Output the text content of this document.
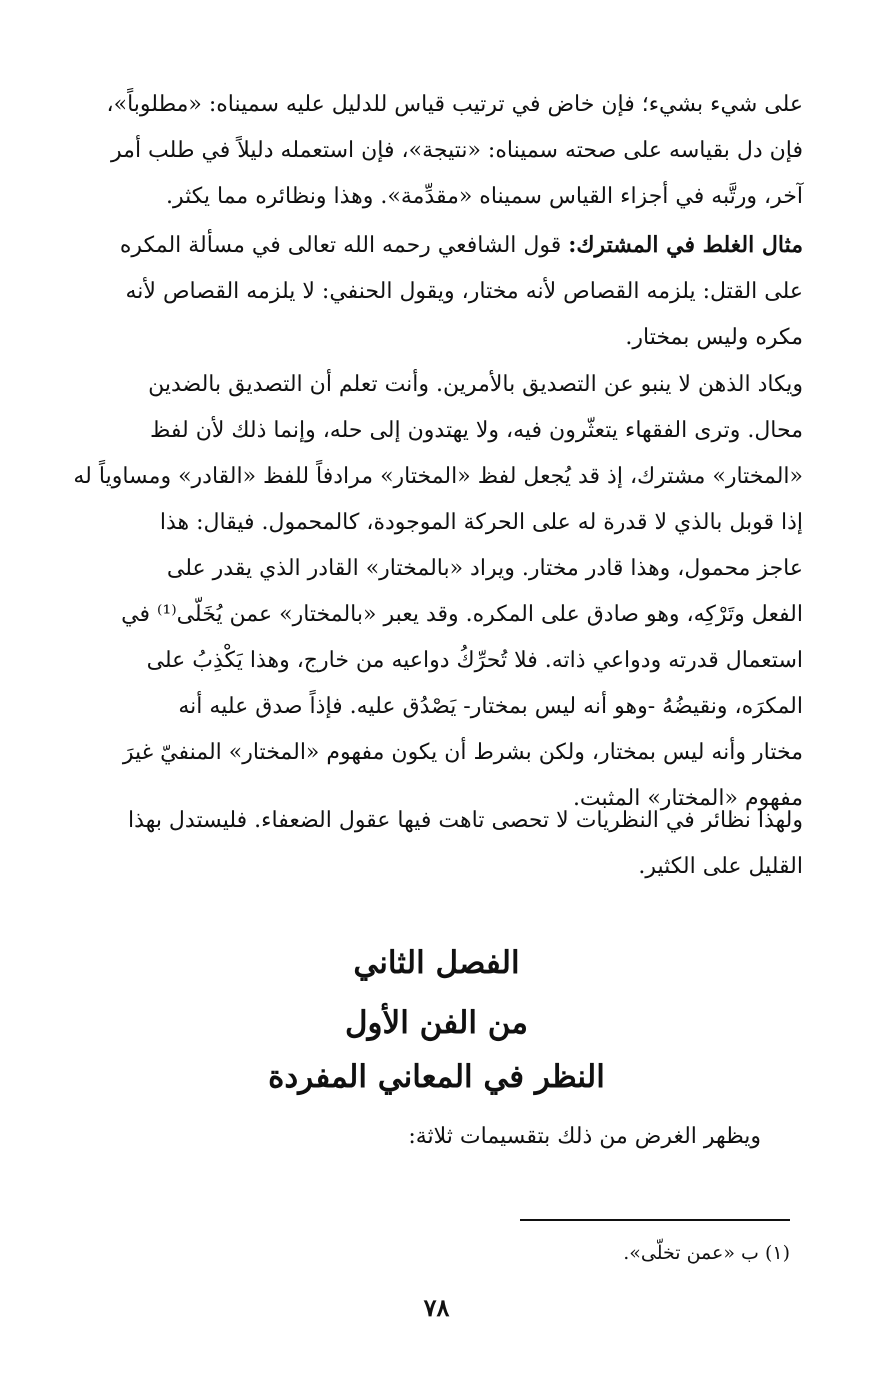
على شيء بشيء؛ فإن خاض في ترتيب قياس للدليل عليه سميناه: «مطلوباً»،
فإن دل بقياسه على صحته سميناه: «نتيجة»، فإن استعمله دليلاً في طلب أمر
آخر، ورتَّبه في أجزاء القياس سميناه «مقدِّمة». وهذا ونظائره مما يكثر.
مثال الغلط في المشترك: قول الشافعي رحمه الله تعالى في مسألة المكره
على القتل: يلزمه القصاص لأنه مختار، ويقول الحنفي: لا يلزمه القصاص لأنه
مكره وليس بمختار.
ويكاد الذهن لا ينبو عن التصديق بالأمرين. وأنت تعلم أن التصديق بالضدين
محال. وترى الفقهاء يتعثّرون فيه، ولا يهتدون إلى حله، وإنما ذلك لأن لفظ
«المختار» مشترك، إذ قد يُجعل لفظ «المختار» مرادفاً للفظ «القادر» ومساوياً له
إذا قوبل بالذي لا قدرة له على الحركة الموجودة، كالمحمول. فيقال: هذا
عاجز محمول، وهذا قادر مختار. ويراد «بالمختار» القادر الذي يقدر على
الفعل وتَرْكِه، وهو صادق على المكره. وقد يعبر «بالمختار» عمن يُخَلّى⁽¹⁾ في
استعمال قدرته ودواعي ذاته. فلا تُحرِّكُ دواعيه من خارج، وهذا يَكْذِبُ على
المكرَه، ونقيضُهُ -وهو أنه ليس بمختار- يَصْدُق عليه. فإذاً صدق عليه أنه
مختار وأنه ليس بمختار، ولكن بشرط أن يكون مفهوم «المختار» المنفيّ غيرَ
مفهوم «المختار» المثبت.
ولهذا نظائر في النظريات لا تحصى تاهت فيها عقول الضعفاء. فليستدل بهذا
القليل على الكثير.
الفصل الثاني
من الفن الأول
النظر في المعاني المفردة
ويظهر الغرض من ذلك بتقسيمات ثلاثة:
(١) ب «عمن تخلّى».
٧٨
